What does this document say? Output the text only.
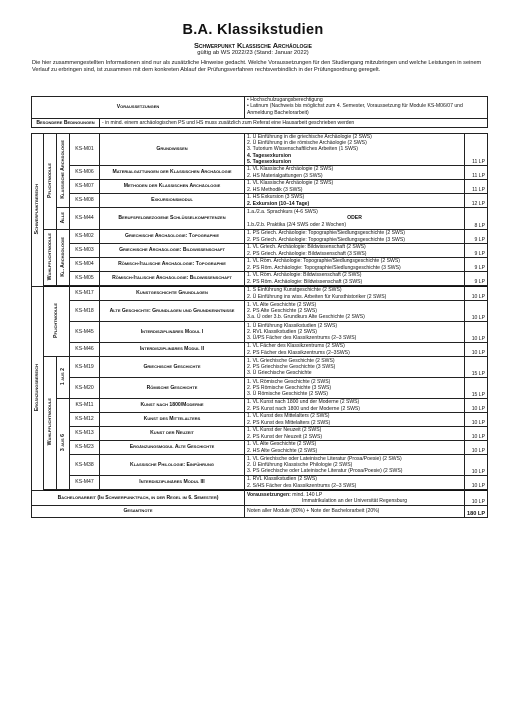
B.A. Klassikstudien
Schwerpunkt Klassische Archäologie
gültig ab WS 2022/23 (Stand: Januar 2022)
Die hier zusammengestellten Informationen sind nur als zusätzliche Hinweise gedacht. Welche Voraussetzungen für den Studiengang mitzubringen und welche Leistungen in seinem Verlauf zu erbringen sind, ist zusammen mit dem konkreten Ablauf der Prüfungsverfahren rechtsverbindlich in der Prüfungsordnung geregelt.
Voraussetzungen					• Hochschulzugangsberechtigung
• Latinum (Nachweis bis möglichst zum 4. Semester, Voraussetzung für Module KS-M06/07 und Anmeldung Bachelorarbeit)	

Besondere Bedingungen				- in mind. einem archäologischen PS und HS muss zusätzlich zum Referat eine Hausarbeit geschrieben werden		

Schwerpunktbereich	Pflichtmodule	Klassische Archäologie	KS-M01	Grundwissen	1. Ü Einführung in die griechische Archäologie (2 SWS)
2. Ü Einführung in die römische Archäologie (2 SWS)
3. Tutorium Wissenschaftliches Arbeiten (1 SWS)
4. Tagesexkursion
5. Tagesexkursion	11 LP
			KS-M06	Materialgattungen der Klassischen Archäologie	1. VL Klassische Archäologie (2 SWS)
2. HS Materialgattungen (3 SWS)	11 LP
			KS-M07	Methoden der Klassischen Archäologie	1. VL Klassische Archäologie (2 SWS)
2. HS Methodik (3 SWS)	11 LP
			KS-M08	Exkursionsmodul	1. HS Exkursion (3 SWS)
2. Exkursion (10–14 Tage)	12 LP
		Alle	KS-M44	Berufsfeldbezogene Schlüsselkompetenzen	1.a./2.a. Sprachkurs (4-6 SWS)
ODER
1.b./2.b. Praktika (2/4 SWS oder 2 Wochen)	8 LP
	Wahlpflichtmodule	Kl. Archäologie	KS-M02	Griechische Archäologie: Topographie	1. PS Griech. Archäologie: Topographie/Siedlungsgeschichte (2 SWS)
2. PS Griech. Archäologie: Topographie/Siedlungsgeschichte (3 SWS)	9 LP
			KS-M03	Griechische Archäologie: Bildwissenschaft	1. VL Griech. Archäologie: Bildwissenschaft (2 SWS)
2. PS Griech. Archäologie: Bildwissenschaft (3 SWS)	9 LP
			KS-M04	Römisch-Italische Archäologie: Topographie	1. VL Röm. Archäologie: Topographie/Siedlungsgeschichte (2 SWS)
2. PS Röm. Archäologie: Topographie/Siedlungsgeschichte (3 SWS)	9 LP
			KS-M05	Römisch-Italische Archäologie: Bildwissenschaft	1. VL Röm. Archäologie: Bildwissenschaft (2 SWS)
2. PS Röm. Archäologie: Bildwissenschaft (3 SWS)	9 LP

Ergänzungsbereich	Pflichtmodule		KS-M17	Kunstgeschichte Grundlagen	1. S Einführung Kunstgeschichte (2 SWS)
2. Ü Einführung ins wiss. Arbeiten für Kunsthistoriker (2 SWS)	10 LP
			KS-M18	Alte Geschichte: Grundlagen und Grundkenntnisse	1. VL Alte Geschichte (2 SWS)
2. PS Alte Geschichte (2 SWS)
3.a. Ü oder 3.b. Grundkurs Alte Geschichte (2 SWS)	10 LP
			KS-M45	Interdisziplinäres Modul I	1. Ü Einführung Klassikstudien (2 SWS)
2. RVL Klassikstudien (2 SWS)
3. Ü/PS Fächer des Klassikzentrums (2–3 SWS)	10 LP
			KS-M46	Interdisziplinäres Modul II	1. VL Fächer des Klassikzentrums (2 SWS)
2. PS Fächer des Klassikzentrums (2–3SWS)	10 LP
	Wahlpflichtmodule	1 aus 2	KS-M19	Griechische Geschichte	1. VL Griechische Geschichte (2 SWS)
2. PS Griechische Geschichte (3 SWS)
3. Ü Griechische Geschichte	15 LP
			KS-M20	Römische Geschichte	1. VL Römische Geschichte (2 SWS)
2. PS Römische Geschichte (3 SWS)
3. Ü Römische Geschichte (2 SWS)	15 LP
		3 aus 6	KS-M11	Kunst nach 1800/Moderne	1. VL Kunst nach 1800 und der Moderne (2 SWS)
2. PS Kunst nach 1800 und der Moderne (2 SWS)	10 LP
			KS-M12	Kunst des Mittelalters	1. VL Kunst des Mittelalters (2 SWS)
2. PS Kunst des Mittelalters (2 SWS)	10 LP
			KS-M13	Kunst der Neuzeit	1. VL Kunst der Neuzeit (2 SWS)
2. PS Kunst der Neuzeit (2 SWS)	10 LP
			KS-M23	Ergänzungsmodul Alte Geschichte	1. VL Alte Geschichte (2 SWS)
2. HS Alte Geschichte (2 SWS)	10 LP
			KS-M38	Klassische Philologie: Einführung	1. VL Griechische oder Lateinische Literatur (Prosa/Poesie) (2 SWS)
2. Ü Einführung Klassische Philologie (2 SWS)
3. PS Griechische oder Lateinische Literatur (Prosa/Poesie) (2 SWS)	10 LP
			KS-M47	Interdisziplinäres Modul III	1. RVL Klassikstudien (2 SWS)
2. S/HS Fächer des Klassikzentrums (2–3 SWS)	10 LP

Bachelorarbeit (Im Schwerpunktfach, in der Regel im 6. Semester)					Voraussetzungen: mind. 140 LP
Immatrikulation an der Universität Regensburg	10 LP
Gesamtnote					Noten aller Module (80%) + Note der Bachelorarbeit (20%)	180 LP
